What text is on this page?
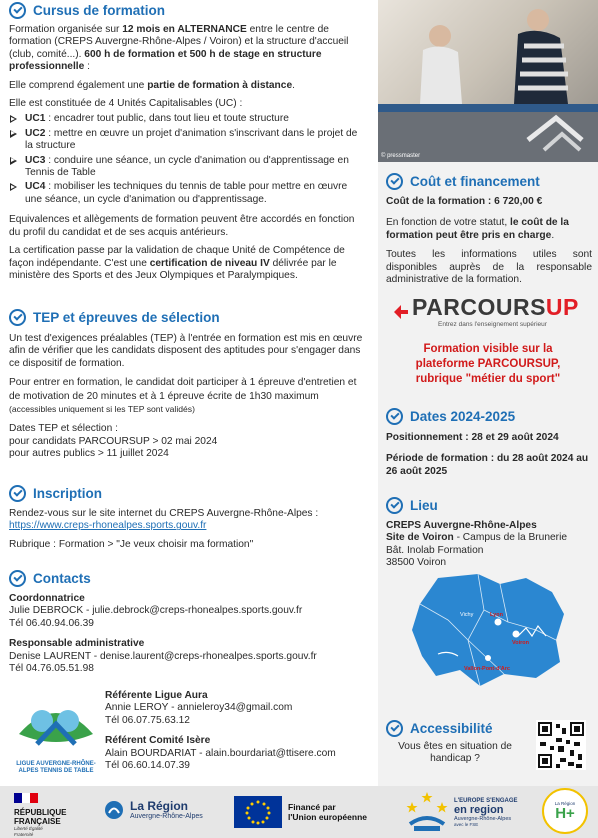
Cursus de formation

Formation organisée sur 12 mois en ALTERNANCE entre le centre de formation (CREPS Auvergne-Rhône-Alpes / Voiron) et la structure d'accueil (club, comité...). 600 h de formation et 500 h de stage en structure professionnelle :

Elle comprend également une partie de formation à distance.

Elle est constituée de 4 Unités Capitalisables (UC) :

UC1 : encadrer tout public, dans tout lieu et toute structure
UC2 : mettre en œuvre un projet d'animation s'inscrivant dans le projet de la structure
UC3 : conduire une séance, un cycle d'animation ou d'apprentissage en Tennis de Table
UC4 : mobiliser les techniques du tennis de table pour mettre en œuvre une séance, un cycle d'animation ou d'apprentissage.

Equivalences et allègements de formation peuvent être accordés en fonction du profil du candidat et de ses acquis antérieurs.

La certification passe par la validation de chaque Unité de Compétence de façon indépendante. C'est une certification de niveau IV délivrée par le ministère des Sports et des Jeux Olympiques et Paralympiques.

TEP et épreuves de sélection

Un test d'exigences préalables (TEP) à l'entrée en formation est mis en œuvre afin de vérifier que les candidats disposent des aptitudes pour s'engager dans ce dispositif de formation.

Pour entrer en formation, le candidat doit participer à 1 épreuve d'entretien et de motivation de 20 minutes et à 1 épreuve écrite de 1h30 maximum (accessibles uniquement si les TEP sont validés)

Dates TEP et sélection :

pour candidats PARCOURSUP > 02 mai 2024

pour autres publics > 11 juillet 2024

Inscription

Rendez-vous sur le site internet du CREPS Auvergne-Rhône-Alpes :

https://www.creps-rhonealpes.sports.gouv.fr

Rubrique : Formation > "Je veux choisir ma formation"

Contacts

Coordonnatrice

Julie DEBROCK - julie.debrock@creps-rhonealpes.sports.gouv.fr

Tél 06.40.94.06.39

Responsable administrative

Denise LAURENT - denise.laurent@creps-rhonealpes.sports.gouv.fr

Tél 04.76.05.51.98

LIGUE AUVERGNE-RHÔNE-ALPES TENNIS DE TABLE

Référente Ligue Aura

Annie LEROY - annieleroy34@gmail.com

Tél 06.07.75.63.12

Référent Comité Isère

Alain BOURDARIAT - alain.bourdariat@ttisere.com

Tél 06.60.14.07.39

© pressmaster
Coût et financement

Coût de la formation : 6 720,00 €

En fonction de votre statut, le coût de la formation peut être pris en charge.

Toutes les informations utiles sont disponibles auprès de la responsable administrative de la formation.

PARCOURSUP
Entrez dans l'enseignement supérieur
Formation visible sur la
plateforme PARCOURSUP,
rubrique "métier du sport"
Dates 2024-2025

Positionnement : 28 et 29 août 2024

Période de formation : du 28 août 2024 au 26 août 2025

Lieu

CREPS Auvergne-Rhône-Alpes

Site de Voiron - Campus de la Brunerie

Bât. Inolab Formation

38500 Voiron

Vichy	Lyon
Voiron
Vallon-Pont-d'Arc
Accessibilité

Vous êtes en situation de handicap ?

RÉPUBLIQUE
FRANÇAISE
Liberté Égalité Fraternité
La Région
Auvergne-Rhône-Alpes
Financé par
l'Union européenne
L'EUROPE S'ENGAGE
en region
Auvergne-Rhône-Alpes
avec le FSE
La Région
H+
